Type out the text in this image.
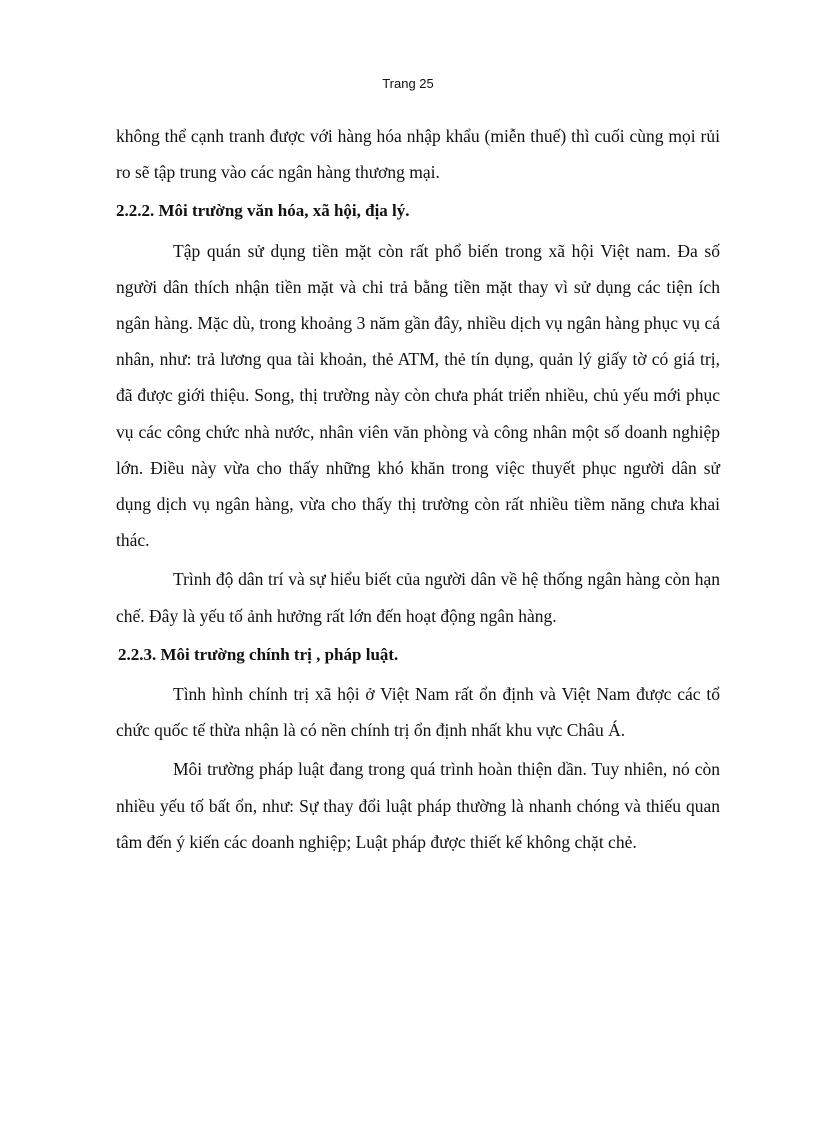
Trang 25

không thể cạnh tranh được với hàng hóa nhập khẩu (miễn thuế) thì cuối cùng mọi rủi ro sẽ tập trung vào các ngân hàng thương mại.

2.2.2. Môi trường văn hóa, xã hội, địa lý.

Tập quán sử dụng tiền mặt còn rất phổ biến trong xã hội Việt nam. Đa số người dân thích nhận tiền mặt và chi trả bằng tiền mặt thay vì sử dụng các tiện ích ngân hàng. Mặc dù, trong khoảng 3 năm gần đây, nhiều dịch vụ ngân hàng phục vụ cá nhân, như: trả lương qua tài khoản, thẻ ATM, thẻ tín dụng, quản lý giấy tờ có giá trị, đã được giới thiệu. Song, thị trường này còn chưa phát triển nhiều, chủ yếu mới phục vụ các công chức nhà nước, nhân viên văn phòng và công nhân một số doanh nghiệp lớn. Điều này vừa cho thấy những khó khăn trong việc thuyết phục người dân sử dụng dịch vụ ngân hàng, vừa cho thấy thị trường còn rất nhiều tiềm năng chưa khai thác.

Trình độ dân trí và sự hiểu biết của người dân về hệ thống ngân hàng còn hạn chế. Đây là yếu tố ảnh hưởng rất lớn đến hoạt động ngân hàng.

2.2.3. Môi trường chính trị , pháp luật.

Tình hình chính trị xã hội ở Việt Nam rất ổn định và Việt Nam được các tổ chức quốc tế thừa nhận là có nền chính trị ổn định nhất khu vực Châu Á.

Môi trường pháp luật đang trong quá trình hoàn thiện dần. Tuy nhiên, nó còn nhiều yếu tố bất ổn, như: Sự thay đổi luật pháp thường là nhanh chóng và thiếu quan tâm đến ý kiến các doanh nghiệp; Luật pháp được thiết kế không chặt chẻ.
